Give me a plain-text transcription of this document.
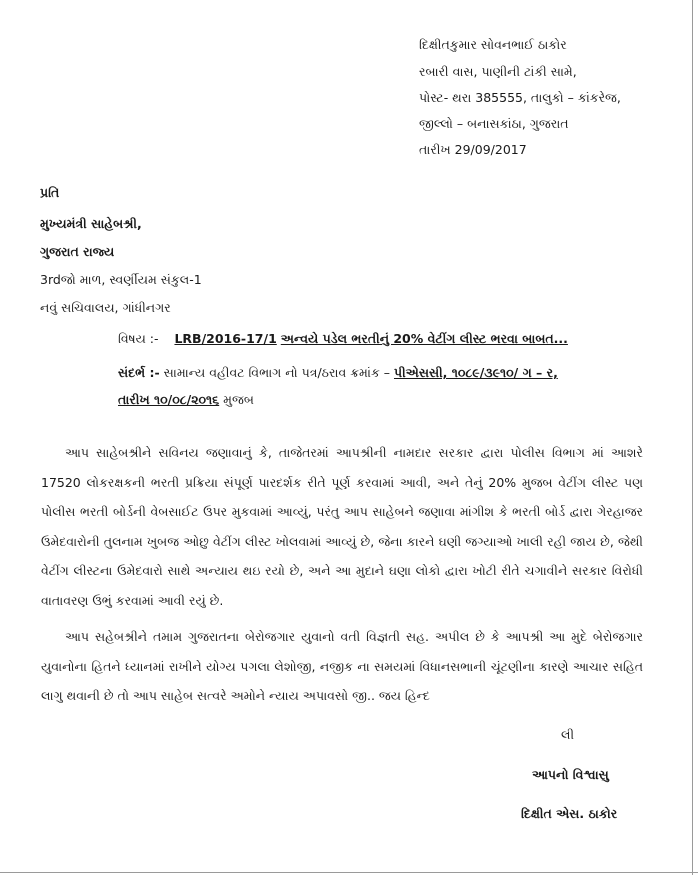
દિક્ષીતકુમાર સોવનભાઈ ઠાકોર
રબારી વાસ, પાણીની ટાંકી સામે,
પોસ્ટ- થરા 385555, તાલુકો – કાંકરેજ,
જીલ્લો – બનાસકાંઠા, ગુજરાત
તારીખ 29/09/2017
પ્રતિ
મુખ્યમંત્રી સાહેબશ્રી,
ગુજરાત રાજ્ય
3rdજો માળ, સ્વર્ણીયમ સંકુલ-1
નવું સચિવાલય, ગાંધીનગર
વિષય :- LRB/2016-17/1 અન્વયે પડેલ ભરતીનું 20% વેટીંગ લીસ્ટ ભરવા બાબત...
સંદર્ભ :- સામાન્ય વહીવટ વિભાગ નો પત્ર/ઠરાવ ક્રમાંક – પીએસસી, ૧૦૮૯/૩૯૧૦/ ગ – ર,
તારીખ ૧૦/૦૮/૨૦૧૬ મુજબ
આપ સાહેબશ્રીને સવિનય જણાવાનું કે, તાજેતરમાં આપશ્રીની નામદાર સરકાર દ્વારા પોલીસ વિભાગ માં આશરે 17520 લોકરક્ષકની ભરતી પ્રક્રિયા સંપૂર્ણ પારદર્શક રીતે પૂર્ણ કરવામાં આવી, અને તેનું 20% મુજબ વેટીંગ લીસ્ટ પણ પોલીસ ભરતી બોર્ડની વેબસાઈટ ઉપર મુકવામાં આવ્યું, પરંતુ આપ સાહેબને જણાવા માંગીશ કે ભરતી બોર્ડ દ્વારા ગેરહાજર ઉમેદવારોની તુલનામ ખુબજ ઓછુ વેટીંગ લીસ્ટ ખોલવામાં આવ્યું છે, જેના કારને ઘણી જગ્યાઓ ખાલી રહી જાય છે, જેથી વેટીંગ લીસ્ટના ઉમેદવારો સાથે અન્યાય થઇ રયો છે, અને આ મુદાને ઘણા લોકો દ્વારા ખોટી રીતે ચગાવીને સરકાર વિરોધી વાતાવરણ ઉભું કરવામાં આવી રયું છે.
આપ સહેબશ્રીને તમામ ગુજરાતના બેરોજગાર યુવાનો વતી વિજ્ઞતી સહ. અપીલ છે કે આપશ્રી આ મુદે બેરોજગાર યુવાનોના હિતને ધ્યાનમાં રાખીને યોગ્ય પગલા લેશોજી, નજીક ના સમયમાં વિધાનસભાની ચૂંટણીના કારણે આચાર સહિત લાગુ થવાની છે તો આપ સાહેબ સત્વરે અમોને ન્યાય અપાવસો જી.. જય હિન્દ
લી
આપનો વિશ્વાસુ
દિક્ષીત એસ. ઠાકોર
